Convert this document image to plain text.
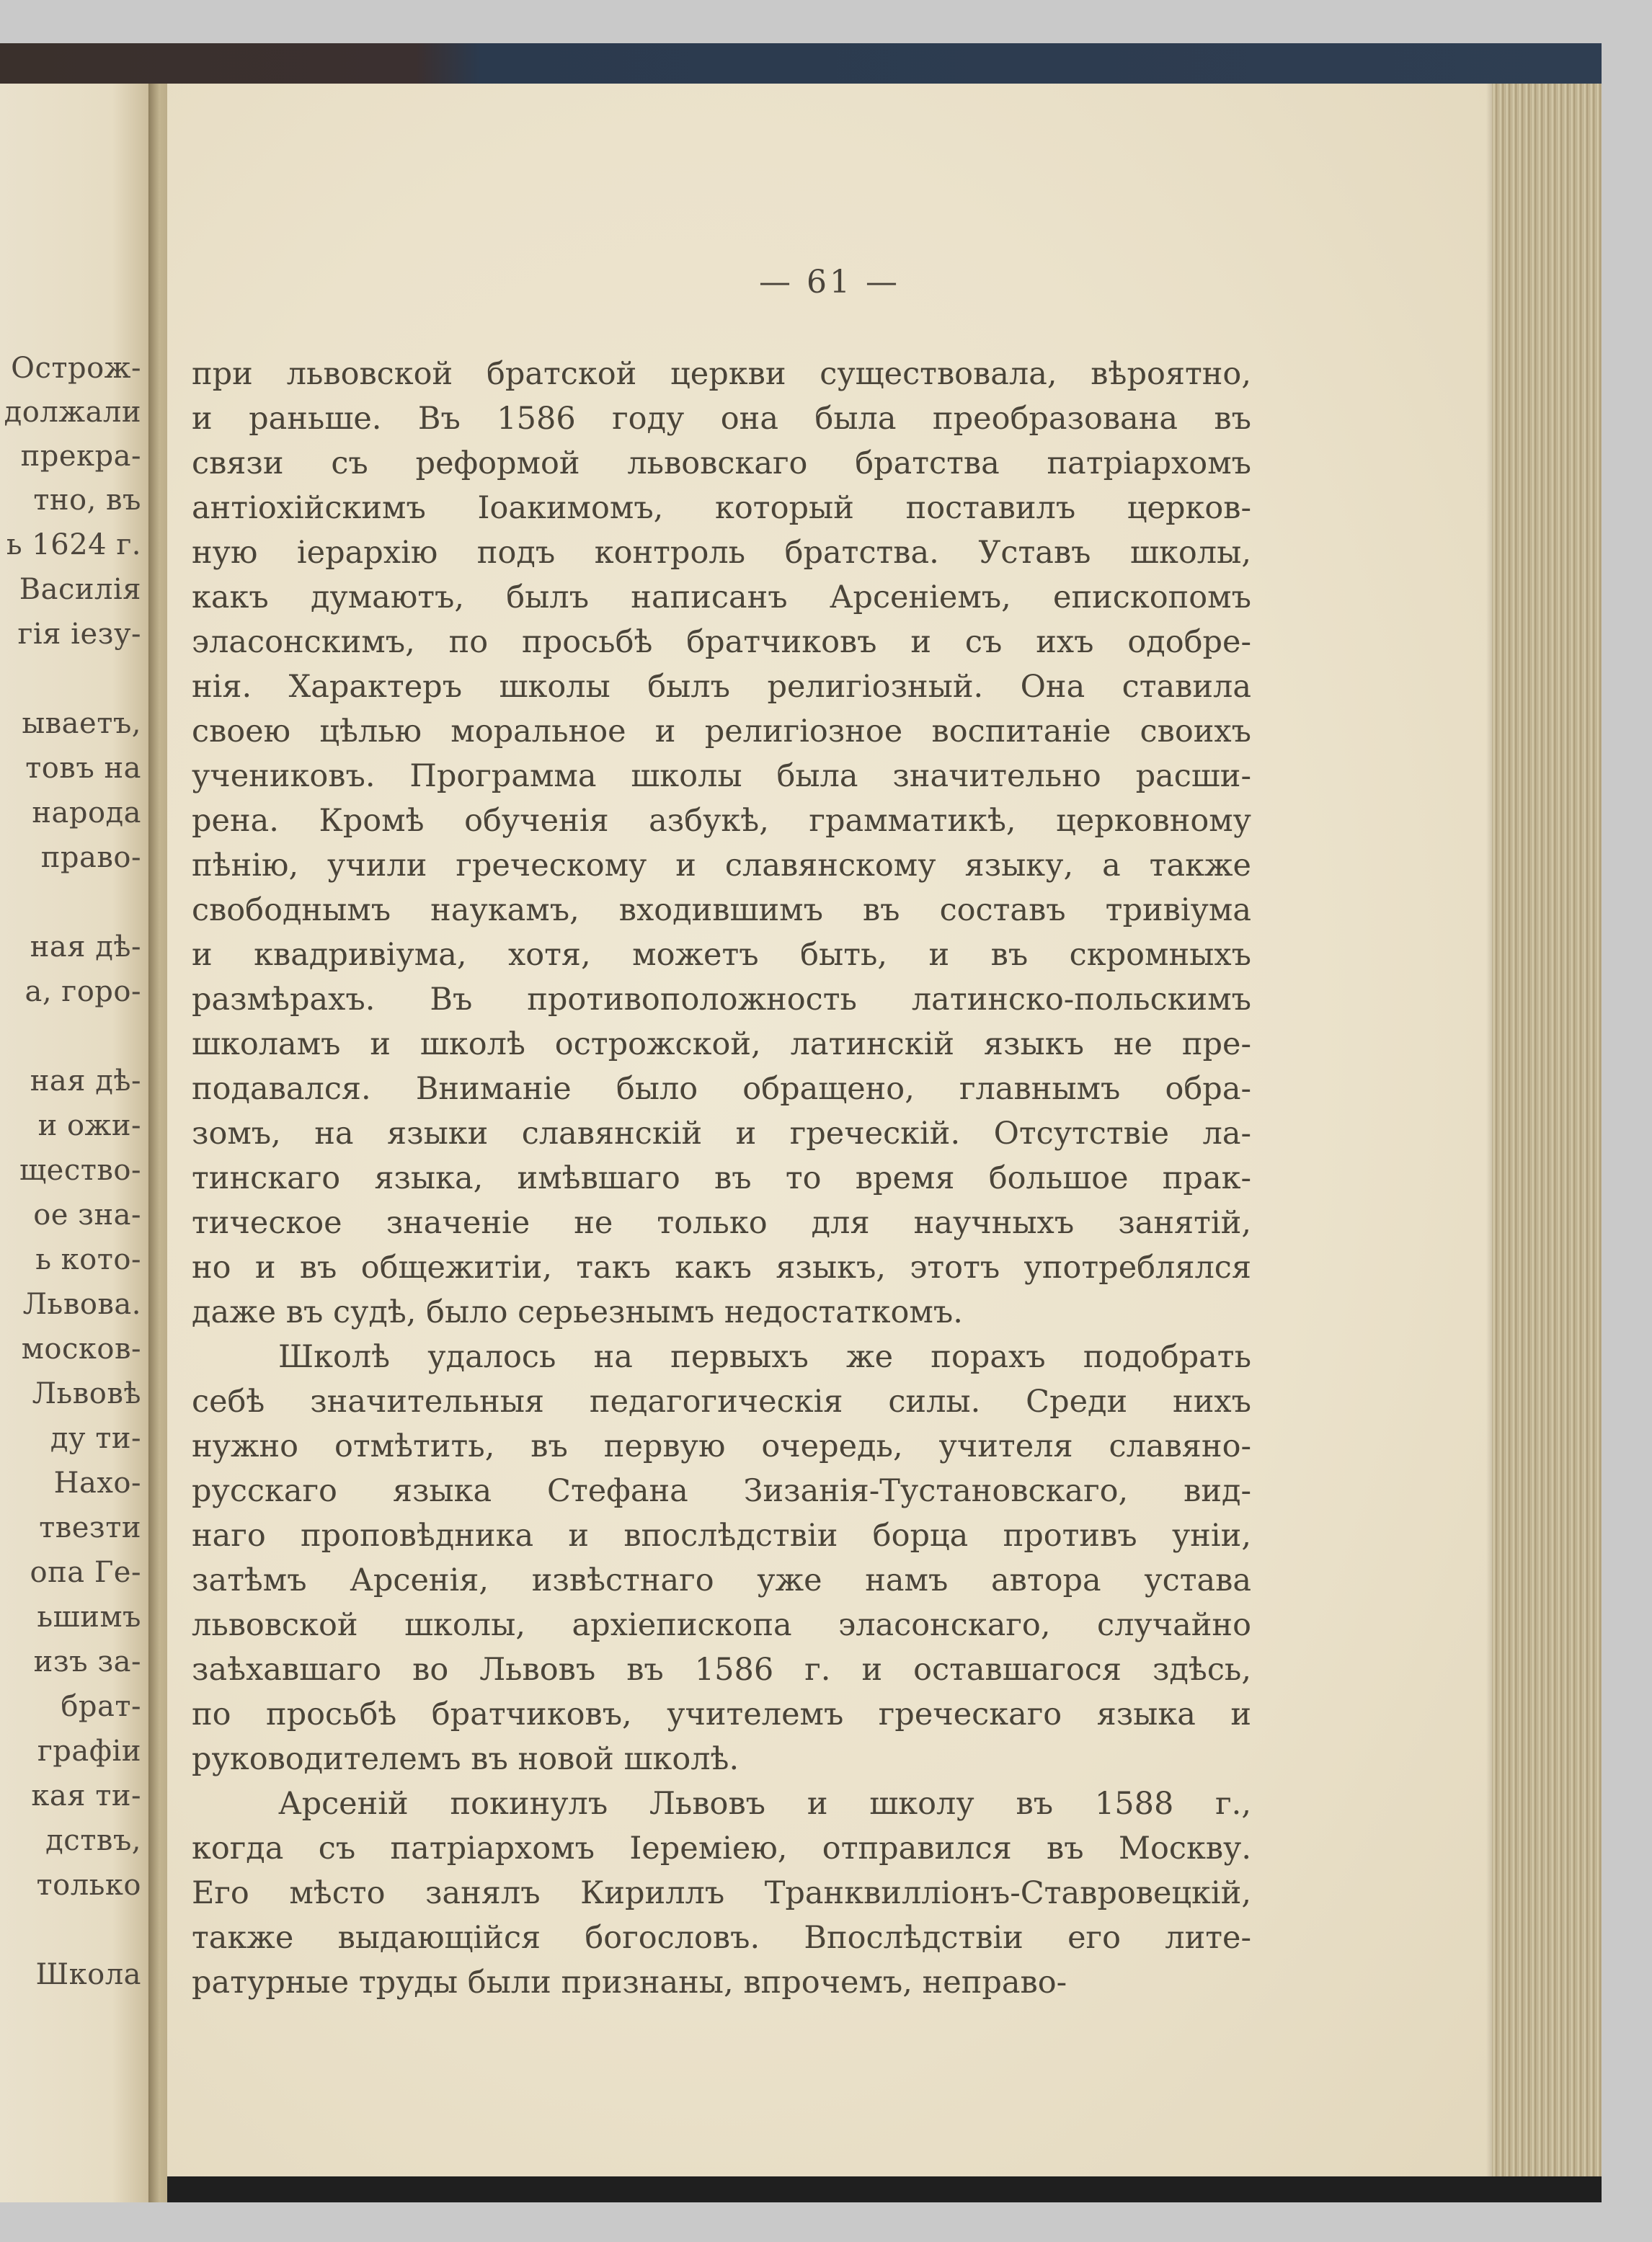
Острож-
должали
прекра-
тно, въ
ь 1624 г.
Василія
гія іезу-
ываетъ,
товъ на
народа
право-
ная дѣ-
а, горо-
ная дѣ-
и ожи-
щество-
ое зна-
ь кото-
Львова.
москов-
Львовѣ
ду ти-
Нахо-
твезти
опа Ге-
ьшимъ
изъ за-
брат-
графіи
кая ти-
дствъ,
только
Школа
— 61 —
при львовской братской церкви существовала, вѣроятно,
и раньше. Въ 1586 году она была преобразована въ
связи съ реформой львовскаго братства патріархомъ
антіохійскимъ Іоакимомъ, который поставилъ церков-
ную іерархію подъ контроль братства. Уставъ школы,
какъ думаютъ, былъ написанъ Арсеніемъ, епископомъ
эласонскимъ, по просьбѣ братчиковъ и съ ихъ одобре-
нія. Характеръ школы былъ религіозный. Она ставила
своею цѣлью моральное и религіозное воспитаніе своихъ
учениковъ. Программа школы была значительно расши-
рена. Кромѣ обученія азбукѣ, грамматикѣ, церковному
пѣнію, учили греческому и славянскому языку, а также
свободнымъ наукамъ, входившимъ въ составъ тривіума
и квадривіума, хотя, можетъ быть, и въ скромныхъ
размѣрахъ. Въ противоположность латинско-польскимъ
школамъ и школѣ острожской, латинскій языкъ не пре-
подавался. Вниманіе было обращено, главнымъ обра-
зомъ, на языки славянскій и греческій. Отсутствіе ла-
тинскаго языка, имѣвшаго въ то время большое прак-
тическое значеніе не только для научныхъ занятій,
но и въ общежитіи, такъ какъ языкъ, этотъ употреблялся
даже въ судѣ, было серьезнымъ недостаткомъ.
Школѣ удалось на первыхъ же порахъ подобрать
себѣ значительныя педагогическія силы. Среди нихъ
нужно отмѣтить, въ первую очередь, учителя славяно-
русскаго языка Стефана Зизанія-Тустановскаго, вид-
наго проповѣдника и впослѣдствіи борца противъ уніи,
затѣмъ Арсенія, извѣстнаго уже намъ автора устава
львовской школы, архіепископа эласонскаго, случайно
заѣхавшаго во Львовъ въ 1586 г. и оставшагося здѣсь,
по просьбѣ братчиковъ, учителемъ греческаго языка и
руководителемъ въ новой школѣ.
Арсеній покинулъ Львовъ и школу въ 1588 г.,
когда съ патріархомъ Іереміею, отправился въ Москву.
Его мѣсто занялъ Кириллъ Транквилліонъ-Ставровецкій,
также выдающійся богословъ. Впослѣдствіи его лите-
ратурные труды были признаны, впрочемъ, неправо-
